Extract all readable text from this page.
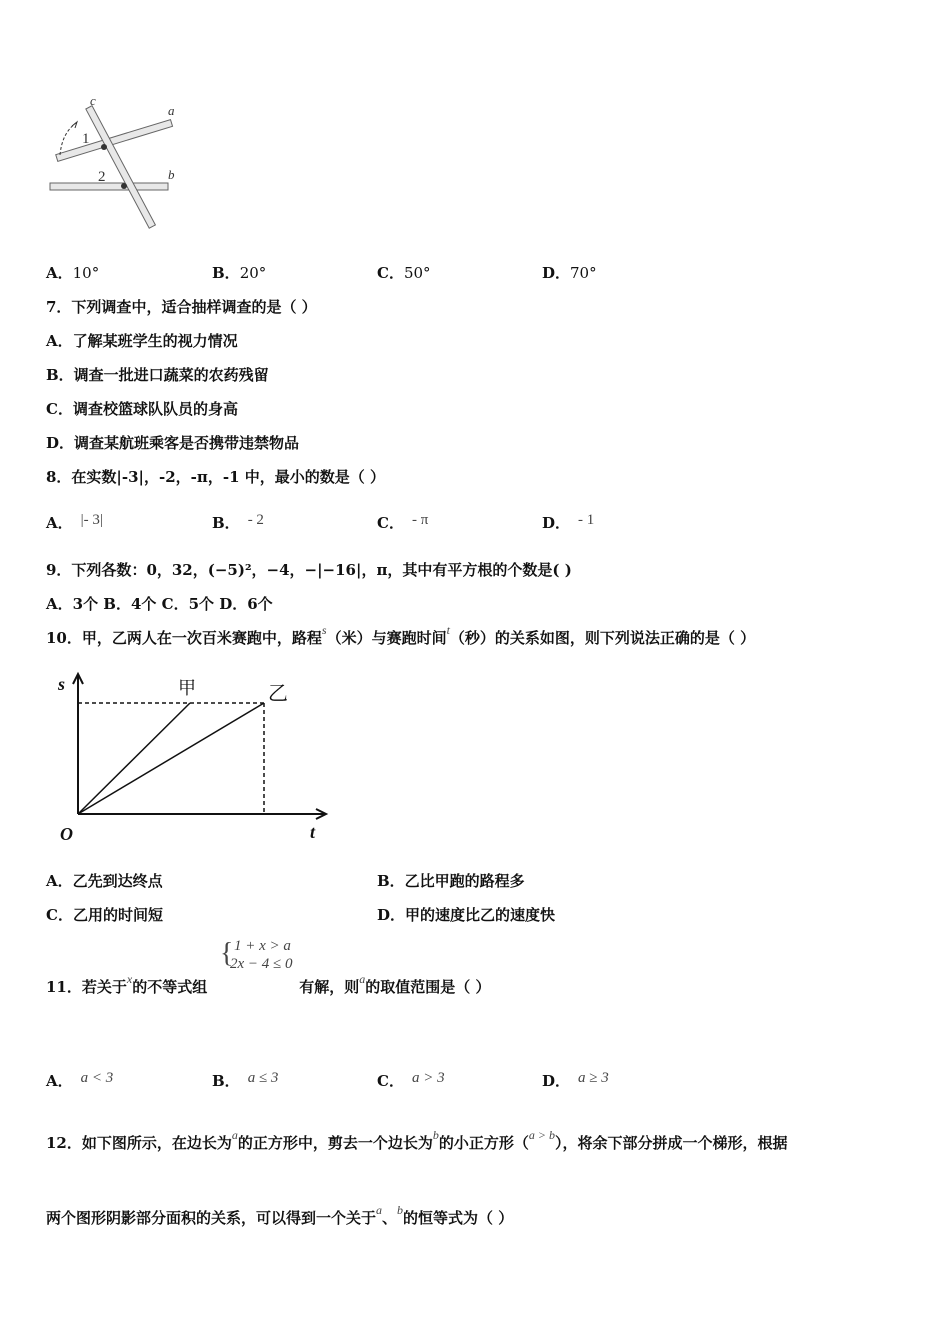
c
a
b
1
2
A．10°	B．20°	C．50°	D．70°
7．下列调查中，适合抽样调查的是（ ）
A．了解某班学生的视力情况
B．调查一批进口蔬菜的农药残留
C．调查校篮球队队员的身高
D．调查某航班乘客是否携带违禁物品
8．在实数|-3|，-2，-π，-1 中，最小的数是（ ）
A． |- 3|	B． - 2	C． - π	D． - 1
9．下列各数：0，32，(−5)²，−4，−|−16|，π，其中有平方根的个数是( )
A．3个 B．4个 C．5个 D．6个
10．甲，乙两人在一次百米赛跑中，路程$^s$（米）与赛跑时间$^t$（秒）的关系如图，则下列说法正确的是（ ）
s
t
O
甲	乙
A．乙先到达终点	B．乙比甲跑的路程多
C．乙用的时间短	D．甲的速度比乙的速度快
{ 1 + x > a
2x − 4 ≤ 0
11．若关于$^x$的不等式组	有解，则$^a$的取值范围是（ ）
A． a < 3	B． a ≤ 3	C． a > 3	D． a ≥ 3
12．如下图所示，在边长为$^a$的正方形中，剪去一个边长为$^b$的小正方形（$^{a > b}$），将余下部分拼成一个梯形，根据
两个图形阴影部分面积的关系，可以得到一个关于$^a$、$^b$的恒等式为（ ）
